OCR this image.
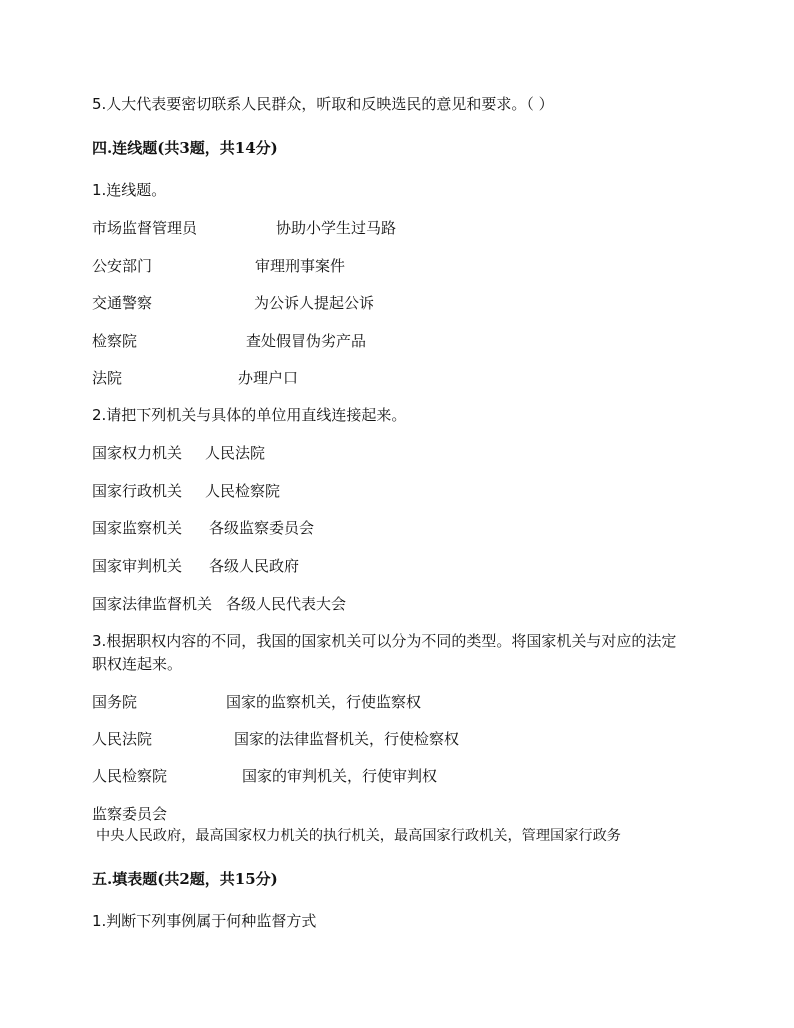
5.人大代表要密切联系人民群众，听取和反映选民的意见和要求。（ ）
四.连线题(共3题，共14分)
1.连线题。
市场监督管理员	协助小学生过马路
公安部门	审理刑事案件
交通警察	为公诉人提起公诉
检察院	查处假冒伪劣产品
法院	办理户口
2.请把下列机关与具体的单位用直线连接起来。
国家权力机关 人民法院
国家行政机关 人民检察院
国家监察机关 各级监察委员会
国家审判机关 各级人民政府
国家法律监督机关 各级人民代表大会
3.根据职权内容的不同，我国的国家机关可以分为不同的类型。将国家机关与对应的法定
职权连起来。
国务院	国家的监察机关，行使监察权
人民法院	国家的法律监督机关，行使检察权
人民检察院	国家的审判机关，行使审判权
监察委员会
中央人民政府，最高国家权力机关的执行机关，最高国家行政机关，管理国家行政务
五.填表题(共2题，共15分)
1.判断下列事例属于何种监督方式
